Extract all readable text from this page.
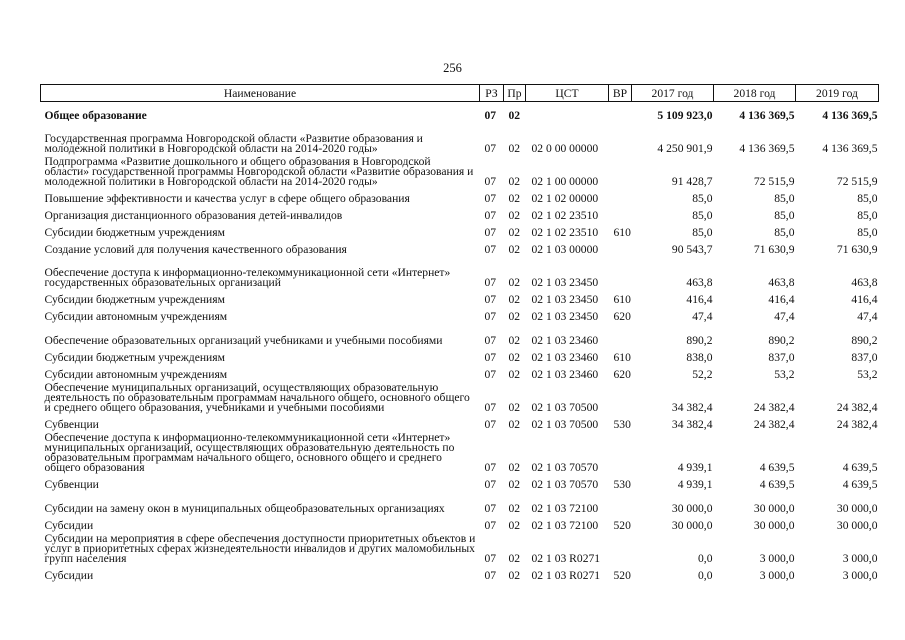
256
Наименование	РЗ	Пр	ЦСТ	ВР	2017 год	2018 год	2019 год
Общее образование	07	02			5 109 923,0	4 136 369,5	4 136 369,5
Государственная программа Новгородской области «Развитие образования и молодежной политики в Новгородской области на 2014-2020 годы»	07	02	02 0 00 00000		4 250 901,9	4 136 369,5	4 136 369,5
Подпрограмма «Развитие дошкольного и общего образования в Новгородской области» государственной программы Новгородской области «Развитие образования и молодежной политики в Новгородской области на 2014-2020 годы»	07	02	02 1 00 00000		91 428,7	72 515,9	72 515,9
Повышение эффективности и качества услуг в сфере общего образования	07	02	02 1 02 00000		85,0	85,0	85,0
Организация дистанционного образования детей-инвалидов	07	02	02 1 02 23510		85,0	85,0	85,0
Субсидии бюджетным учреждениям	07	02	02 1 02 23510	610	85,0	85,0	85,0
Создание условий для получения качественного образования	07	02	02 1 03 00000		90 543,7	71 630,9	71 630,9
Обеспечение доступа к информационно-телекоммуникационной сети «Интернет» государственных образовательных организаций	07	02	02 1 03 23450		463,8	463,8	463,8
Субсидии бюджетным учреждениям	07	02	02 1 03 23450	610	416,4	416,4	416,4
Субсидии автономным учреждениям	07	02	02 1 03 23450	620	47,4	47,4	47,4
Обеспечение образовательных организаций учебниками и учебными пособиями	07	02	02 1 03 23460		890,2	890,2	890,2
Субсидии бюджетным учреждениям	07	02	02 1 03 23460	610	838,0	837,0	837,0
Субсидии автономным учреждениям	07	02	02 1 03 23460	620	52,2	53,2	53,2
Обеспечение муниципальных организаций, осуществляющих образовательную деятельность по образовательным программам начального общего, основного общего и среднего общего образования, учебниками и учебными пособиями	07	02	02 1 03 70500		34 382,4	24 382,4	24 382,4
Субвенции	07	02	02 1 03 70500	530	34 382,4	24 382,4	24 382,4
Обеспечение доступа к информационно-телекоммуникационной сети «Интернет» муниципальных организаций, осуществляющих образовательную деятельность по образовательным программам начального общего, основного общего и среднего общего образования	07	02	02 1 03 70570		4 939,1	4 639,5	4 639,5
Субвенции	07	02	02 1 03 70570	530	4 939,1	4 639,5	4 639,5
Субсидии на замену окон в муниципальных общеобразовательных организациях	07	02	02 1 03 72100		30 000,0	30 000,0	30 000,0
Субсидии	07	02	02 1 03 72100	520	30 000,0	30 000,0	30 000,0
Субсидии на мероприятия в сфере обеспечения доступности приоритетных объектов и услуг в приоритетных сферах жизнедеятельности инвалидов и других маломобильных групп населения	07	02	02 1 03 R0271		0,0	3 000,0	3 000,0
Субсидии	07	02	02 1 03 R0271	520	0,0	3 000,0	3 000,0
